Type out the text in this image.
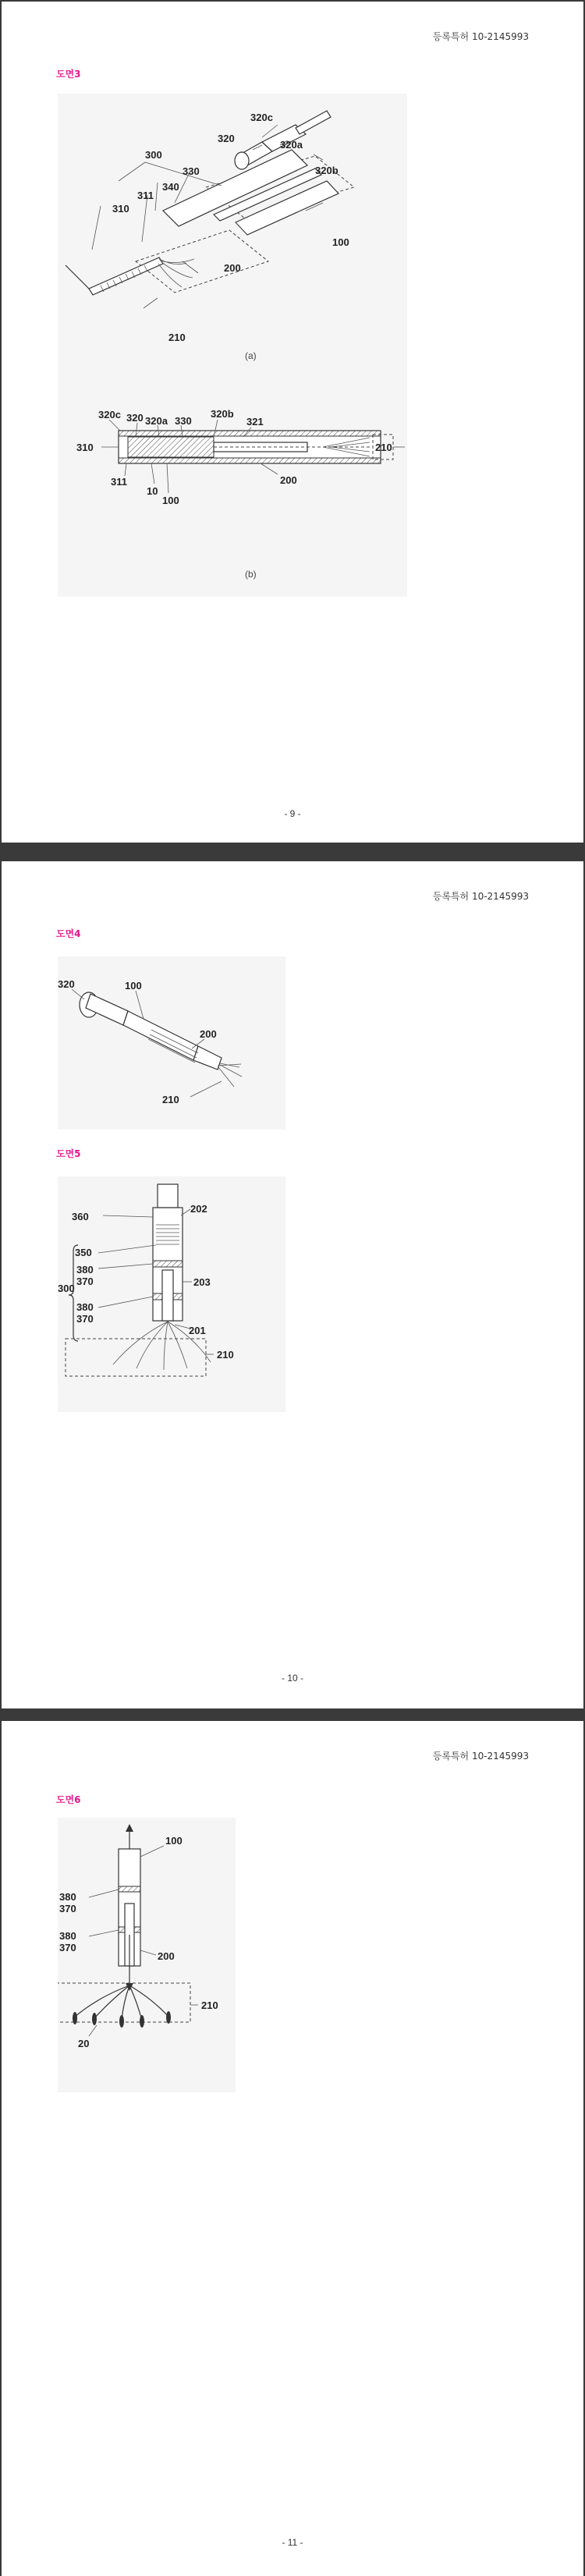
등록특허 10-2145993
도면3
320c
320a
320
320b
300
330
340
311
310
200
100
210
(a)
320c 320 320a 330
320b
321
310	210
311
10
100
200
(b)
- 9 -
등록특허 10-2145993
도면4
320	100
200
210
도면5
360
202
350
300
380
370	203
380
370
201
210
- 10 -
등록특허 10-2145993
도면6
100
380
370
380
370
200
210
20
- 11 -
